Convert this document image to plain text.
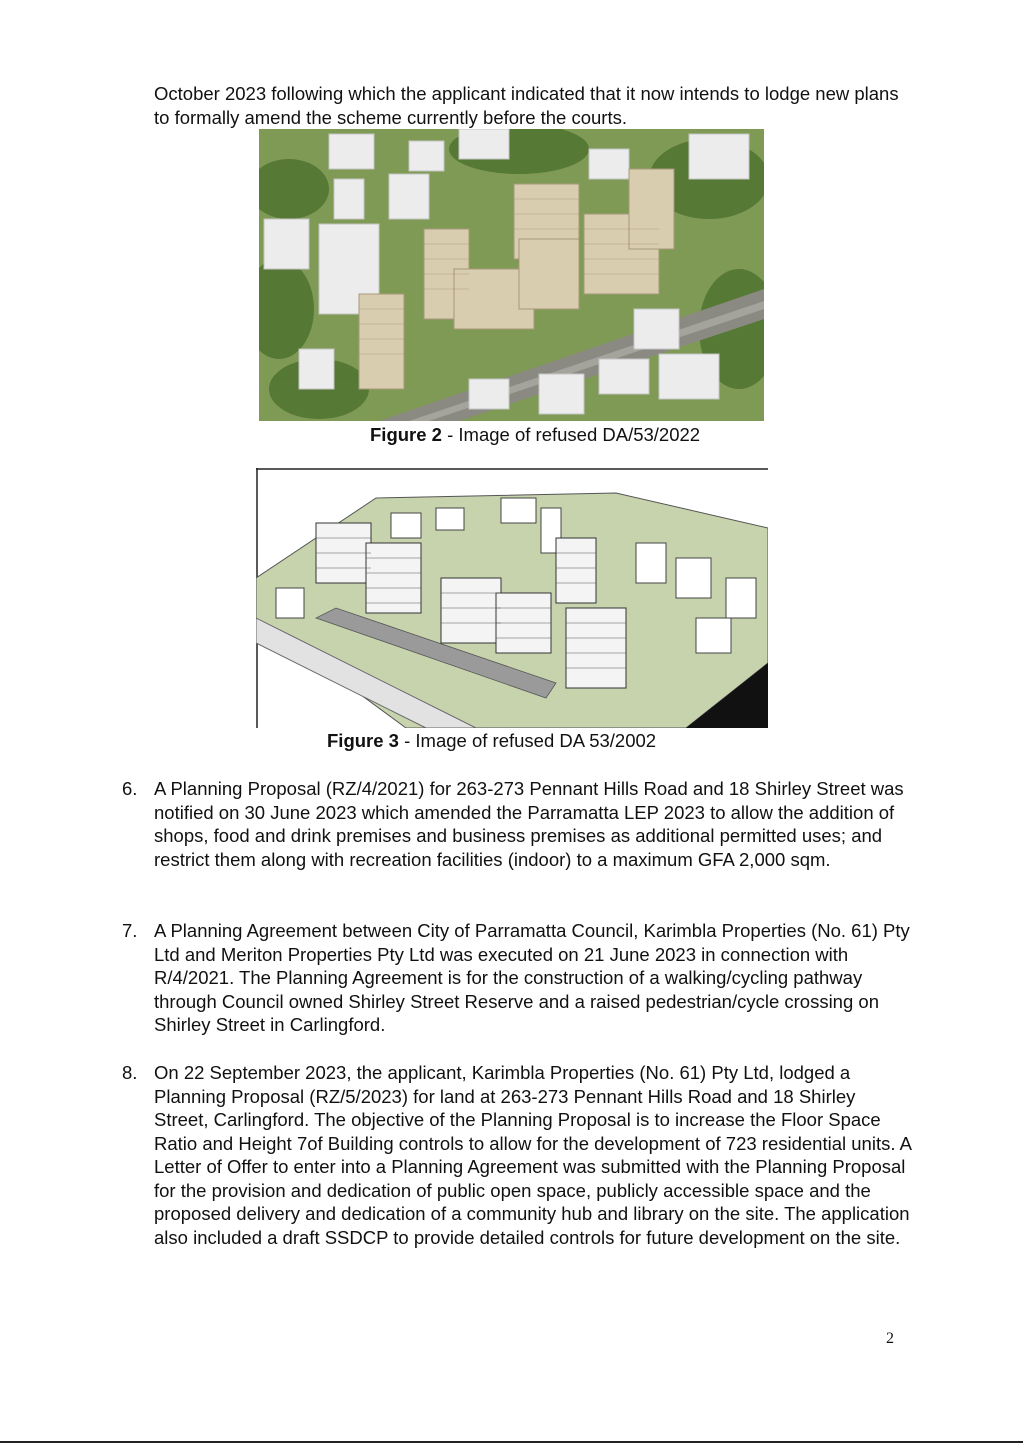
October 2023 following which the applicant indicated that it now intends to lodge new plans to formally amend the scheme currently before the courts.

Figure 2 - Image of refused DA/53/2022

Figure 3 - Image of refused DA 53/2002

6. A Planning Proposal (RZ/4/2021) for 263-273 Pennant Hills Road and 18 Shirley Street was notified on 30 June 2023 which amended the Parramatta LEP 2023 to allow the addition of shops, food and drink premises and business premises as additional permitted uses; and restrict them along with recreation facilities (indoor) to a maximum GFA 2,000 sqm.

7. A Planning Agreement between City of Parramatta Council, Karimbla Properties (No. 61) Pty Ltd and Meriton Properties Pty Ltd was executed on 21 June 2023 in connection with R/4/2021. The Planning Agreement is for the construction of a walking/cycling pathway through Council owned Shirley Street Reserve and a raised pedestrian/cycle crossing on Shirley Street in Carlingford.

8. On 22 September 2023, the applicant, Karimbla Properties (No. 61) Pty Ltd, lodged a Planning Proposal (RZ/5/2023) for land at 263-273 Pennant Hills Road and 18 Shirley Street, Carlingford. The objective of the Planning Proposal is to increase the Floor Space Ratio and Height 7of Building controls to allow for the development of 723 residential units. A Letter of Offer to enter into a Planning Agreement was submitted with the Planning Proposal for the provision and dedication of public open space, publicly accessible space and the proposed delivery and dedication of a community hub and library on the site. The application also included a draft SSDCP to provide detailed controls for future development on the site.

2
